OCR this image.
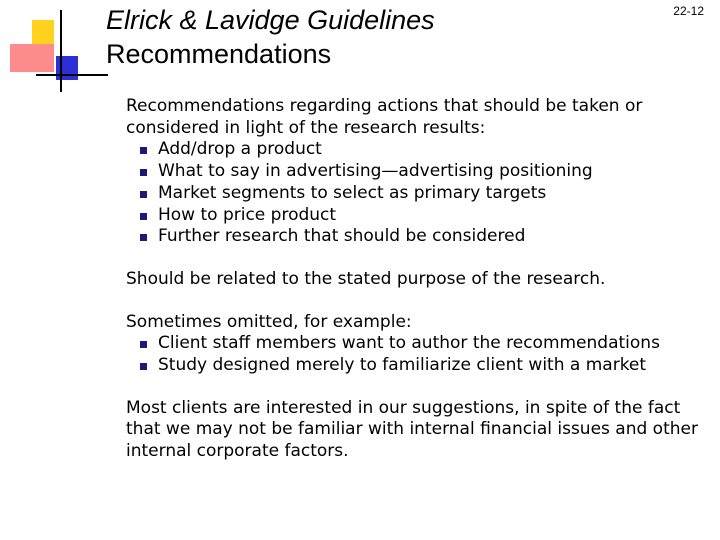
Elrick & Lavidge Guidelines
Recommendations
22-12

Recommendations regarding actions that should be taken or considered in light of the research results:

Add/drop a product
What to say in advertising—advertising positioning
Market segments to select as primary targets
How to price product
Further research that should be considered

Should be related to the stated purpose of the research.

Sometimes omitted, for example:

Client staff members want to author the recommendations
Study designed merely to familiarize client with a market

Most clients are interested in our suggestions, in spite of the fact that we may not be familiar with internal financial issues and other internal corporate factors.
